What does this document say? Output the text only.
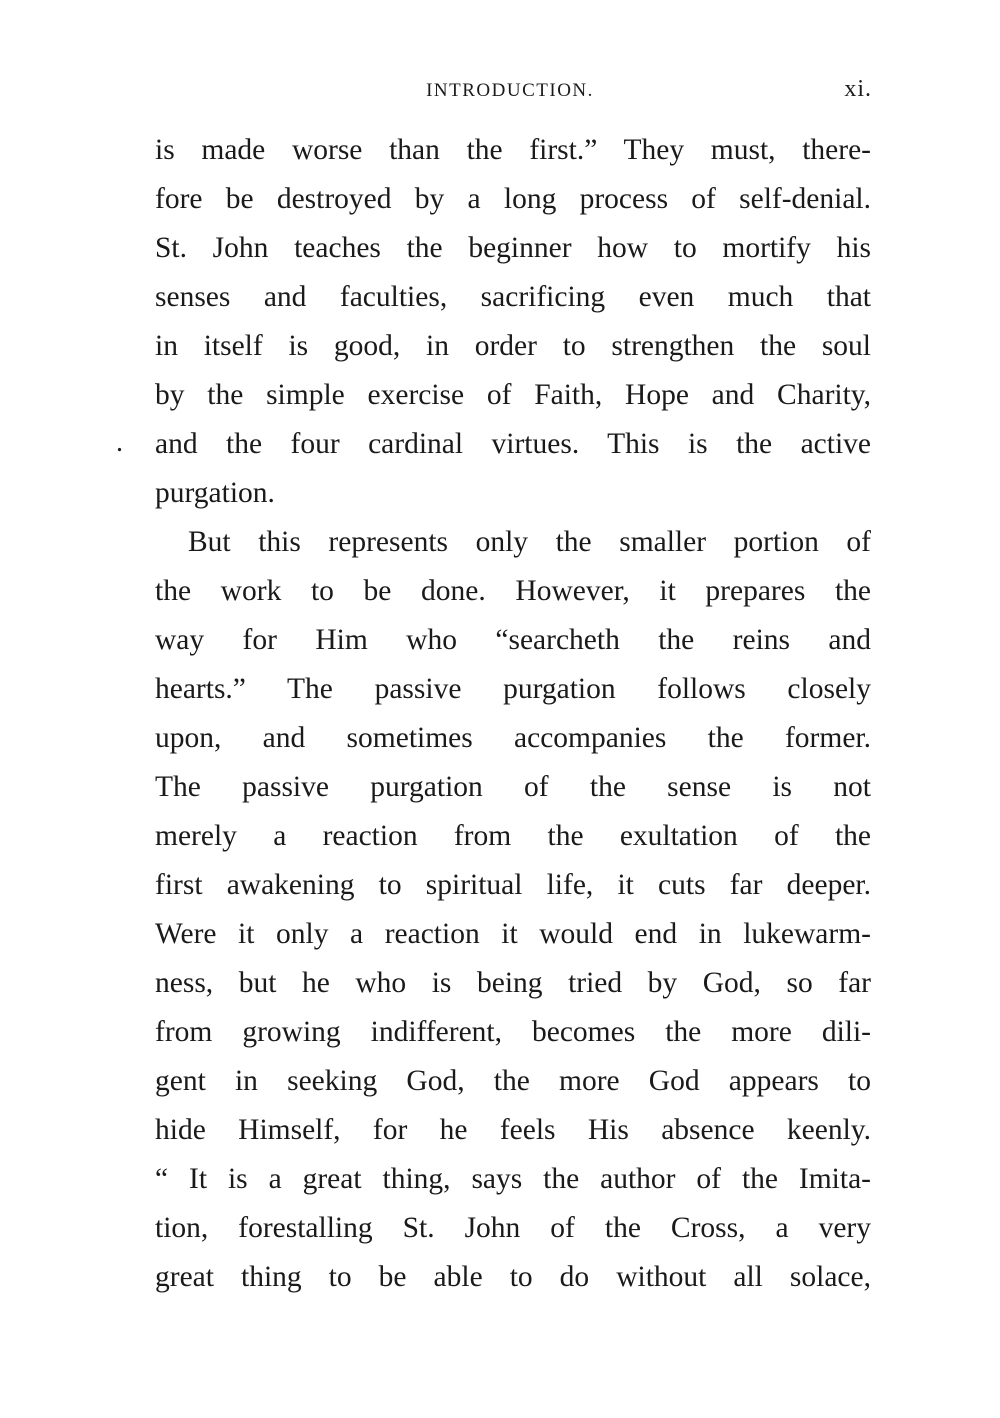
INTRODUCTION.	xi.
.
is made worse than the first.” They must, there-
fore be destroyed by a long process of self-denial.
St. John teaches the beginner how to mortify his
senses and faculties, sacrificing even much that
in itself is good, in order to strengthen the soul
by the simple exercise of Faith, Hope and Charity,
and the four cardinal virtues. This is the active
purgation.
But this represents only the smaller portion of
the work to be done. However, it prepares the
way for Him who “searcheth the reins and
hearts.” The passive purgation follows closely
upon, and sometimes accompanies the former.
The passive purgation of the sense is not
merely a reaction from the exultation of the
first awakening to spiritual life, it cuts far deeper.
Were it only a reaction it would end in lukewarm-
ness, but he who is being tried by God, so far
from growing indifferent, becomes the more dili-
gent in seeking God, the more God appears to
hide Himself, for he feels His absence keenly.
“ It is a great thing, says the author of the Imita-
tion, forestalling St. John of the Cross, a very
great thing to be able to do without all solace,
